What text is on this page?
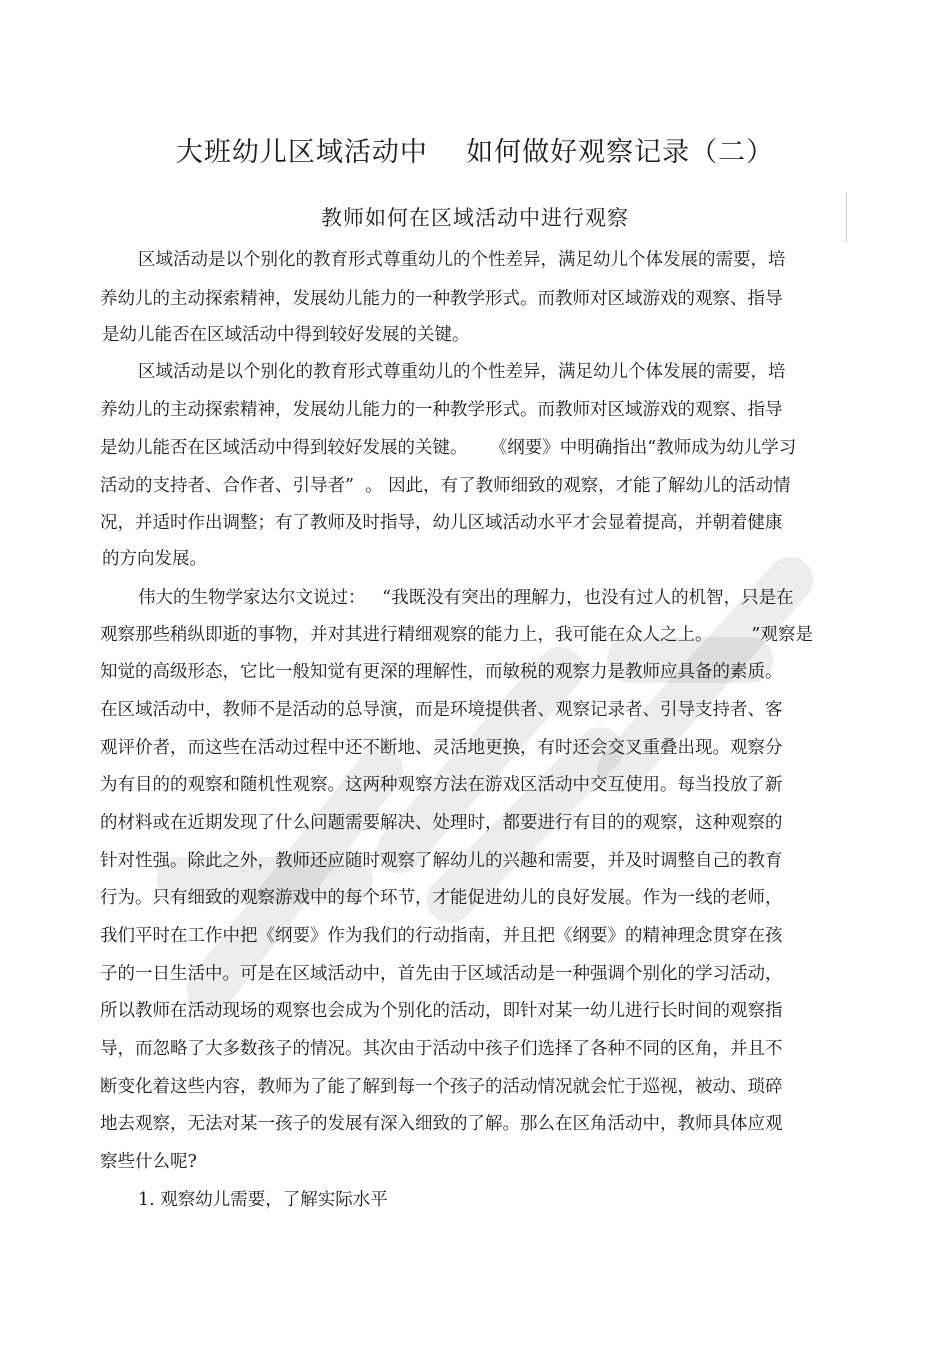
大班幼儿区域活动中    如何做好观察记录（二）
教师如何在区域活动中进行观察
区域活动是以个别化的教育形式尊重幼儿的个性差异，满足幼儿个体发展的需要，培
养幼儿的主动探索精神，发展幼儿能力的一种教学形式。而教师对区域游戏的观察、指导
是幼儿能否在区域活动中得到较好发展的关键。
区域活动是以个别化的教育形式尊重幼儿的个性差异，满足幼儿个体发展的需要，培
养幼儿的主动探索精神，发展幼儿能力的一种教学形式。而教师对区域游戏的观察、指导
是幼儿能否在区域活动中得到较好发展的关键。    《纲要》中明确指出“教师成为幼儿学习
活动的支持者、合作者、引导者”  。 因此，有了教师细致的观察，才能了解幼儿的活动情
况，并适时作出调整；有了教师及时指导，幼儿区域活动水平才会显着提高，并朝着健康
的方向发展。
伟大的生物学家达尔文说过：   “我既没有突出的理解力，也没有过人的机智，只是在
观察那些稍纵即逝的事物，并对其进行精细观察的能力上，我可能在众人之上。       ”观察是
知觉的高级形态，它比一般知觉有更深的理解性，而敏税的观察力是教师应具备的素质。
在区域活动中，教师不是活动的总导演，而是环境提供者、观察记录者、引导支持者、客
观评价者，而这些在活动过程中还不断地、灵活地更换，有时还会交叉重叠出现。观察分
为有目的的观察和随机性观察。这两种观察方法在游戏区活动中交互使用。每当投放了新
的材料或在近期发现了什么问题需要解决、处理时，都要进行有目的的观察，这种观察的
针对性强。除此之外，教师还应随时观察了解幼儿的兴趣和需要，并及时调整自己的教育
行为。只有细致的观察游戏中的每个环节，才能促进幼儿的良好发展。作为一线的老师，
我们平时在工作中把《纲要》作为我们的行动指南，并且把《纲要》的精神理念贯穿在孩
子的一日生活中。可是在区域活动中，首先由于区域活动是一种强调个别化的学习活动，
所以教师在活动现场的观察也会成为个别化的活动，即针对某一幼儿进行长时间的观察指
导，而忽略了大多数孩子的情况。其次由于活动中孩子们选择了各种不同的区角，并且不
断变化着这些内容，教师为了能了解到每一个孩子的活动情况就会忙于巡视，被动、琐碎
地去观察，无法对某一孩子的发展有深入细致的了解。那么在区角活动中，教师具体应观
察些什么呢?
1. 观察幼儿需要，了解实际水平
